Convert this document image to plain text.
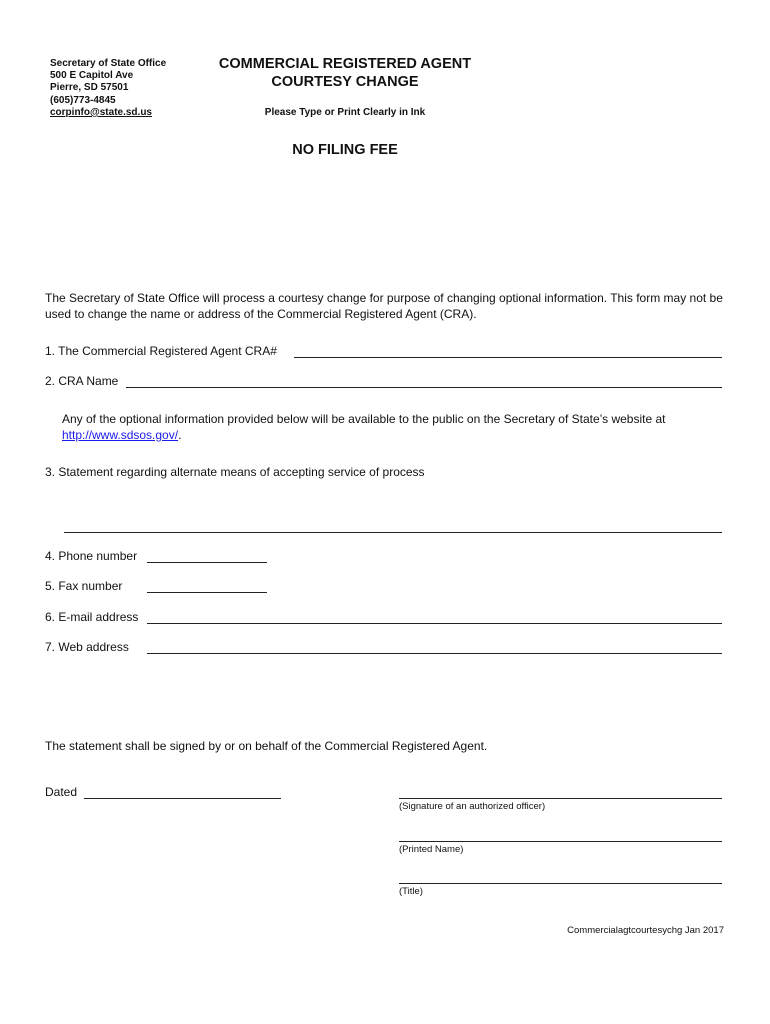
Secretary of State Office
500 E Capitol Ave
Pierre, SD 57501
(605)773-4845
corpinfo@state.sd.us
COMMERCIAL REGISTERED AGENT
COURTESY CHANGE
Please Type or Print Clearly in Ink
NO FILING FEE
The Secretary of State Office will process a courtesy change for purpose of changing optional information. This form may not be used to change the name or address of the Commercial Registered Agent (CRA).
1. The Commercial Registered Agent CRA#
2. CRA Name
Any of the optional information provided below will be available to the public on the Secretary of State’s website at http://www.sdsos.gov/.
3. Statement regarding alternate means of accepting service of process
4. Phone number
5. Fax number
6. E-mail address
7. Web address
The statement shall be signed by or on behalf of the Commercial Registered Agent.
Dated
(Signature of an authorized officer)
(Printed Name)
(Title)
Commercialagtcourtesychg Jan 2017
